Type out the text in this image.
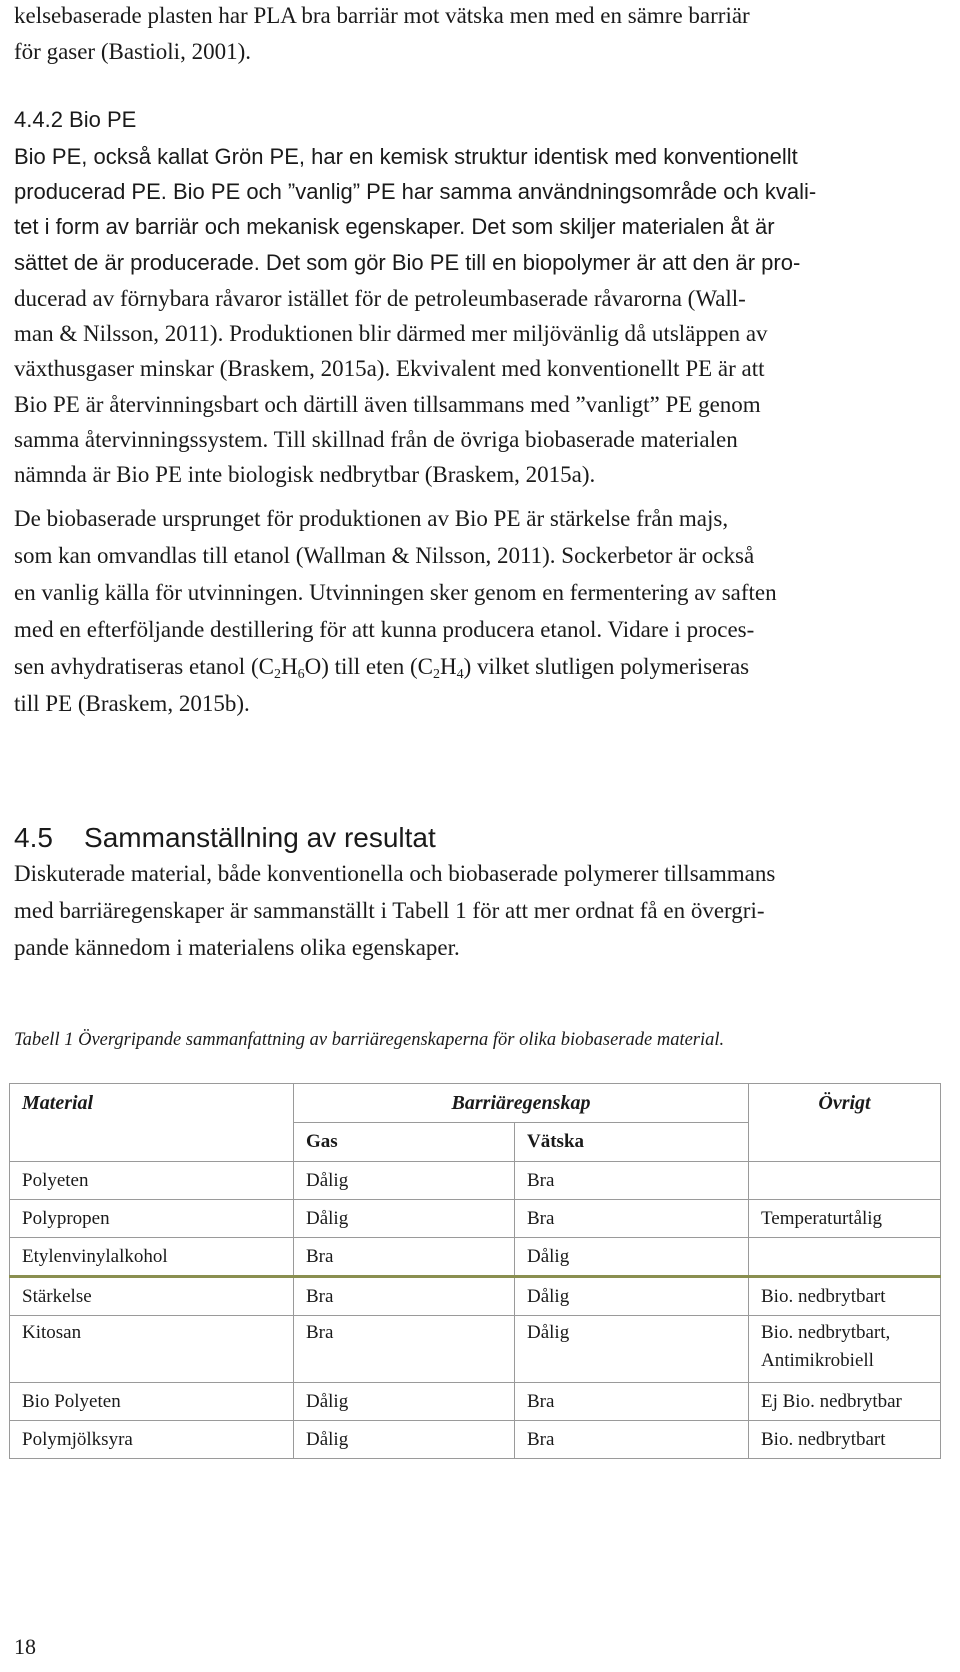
kelsebaserade plasten har PLA bra barriär mot vätska men med en sämre barriär
för gaser (Bastioli, 2001).
4.4.2 Bio PE
Bio PE, också kallat Grön PE, har en kemisk struktur identisk med konventionellt
producerad PE. Bio PE och ”vanlig” PE har samma användningsområde och kvali-
tet i form av barriär och mekanisk egenskaper. Det som skiljer materialen åt är
sättet de är producerade. Det som gör Bio PE till en biopolymer är att den är pro-
ducerad av förnybara råvaror istället för de petroleumbaserade råvarorna (Wall-
man & Nilsson, 2011). Produktionen blir därmed mer miljövänlig då utsläppen av
växthusgaser minskar (Braskem, 2015a). Ekvivalent med konventionellt PE är att
Bio PE är återvinningsbart och därtill även tillsammans med ”vanligt” PE genom
samma återvinningssystem. Till skillnad från de övriga biobaserade materialen
nämnda är Bio PE inte biologisk nedbrytbar (Braskem, 2015a).
De biobaserade ursprunget för produktionen av Bio PE är stärkelse från majs,
som kan omvandlas till etanol (Wallman & Nilsson, 2011). Sockerbetor är också
en vanlig källa för utvinningen. Utvinningen sker genom en fermentering av saften
med en efterföljande destillering för att kunna producera etanol. Vidare i proces-
sen avhydratiseras etanol $(C_2H_6O)$ till eten $(C_2H_4)$ vilket slutligen polymeriseras
till PE (Braskem, 2015b).
4.5    Sammanställning av resultat
Diskuterade material, både konventionella och biobaserade polymerer tillsammans
med barriäregenskaper är sammanställt i Tabell 1 för att mer ordnat få en övergri-
pande kännedom i materialens olika egenskaper.
Tabell 1 Övergripande sammanfattning av barriäregenskaperna för olika biobaserade material.
Material	Barriäregenskap		Övrigt
	Gas	Vätska	
Polyeten	Dålig	Bra	
Polypropen	Dålig	Bra	Temperaturtålig
Etylenvinylalkohol	Bra	Dålig	
Stärkelse	Bra	Dålig	Bio. nedbrytbart
Kitosan	Bra	Dålig	Bio. nedbrytbart,
Antimikrobiell

Bio Polyeten	Dålig	Bra	Ej Bio. nedbrytbar
Polymjölksyra	Dålig	Bra	Bio. nedbrytbart
18
